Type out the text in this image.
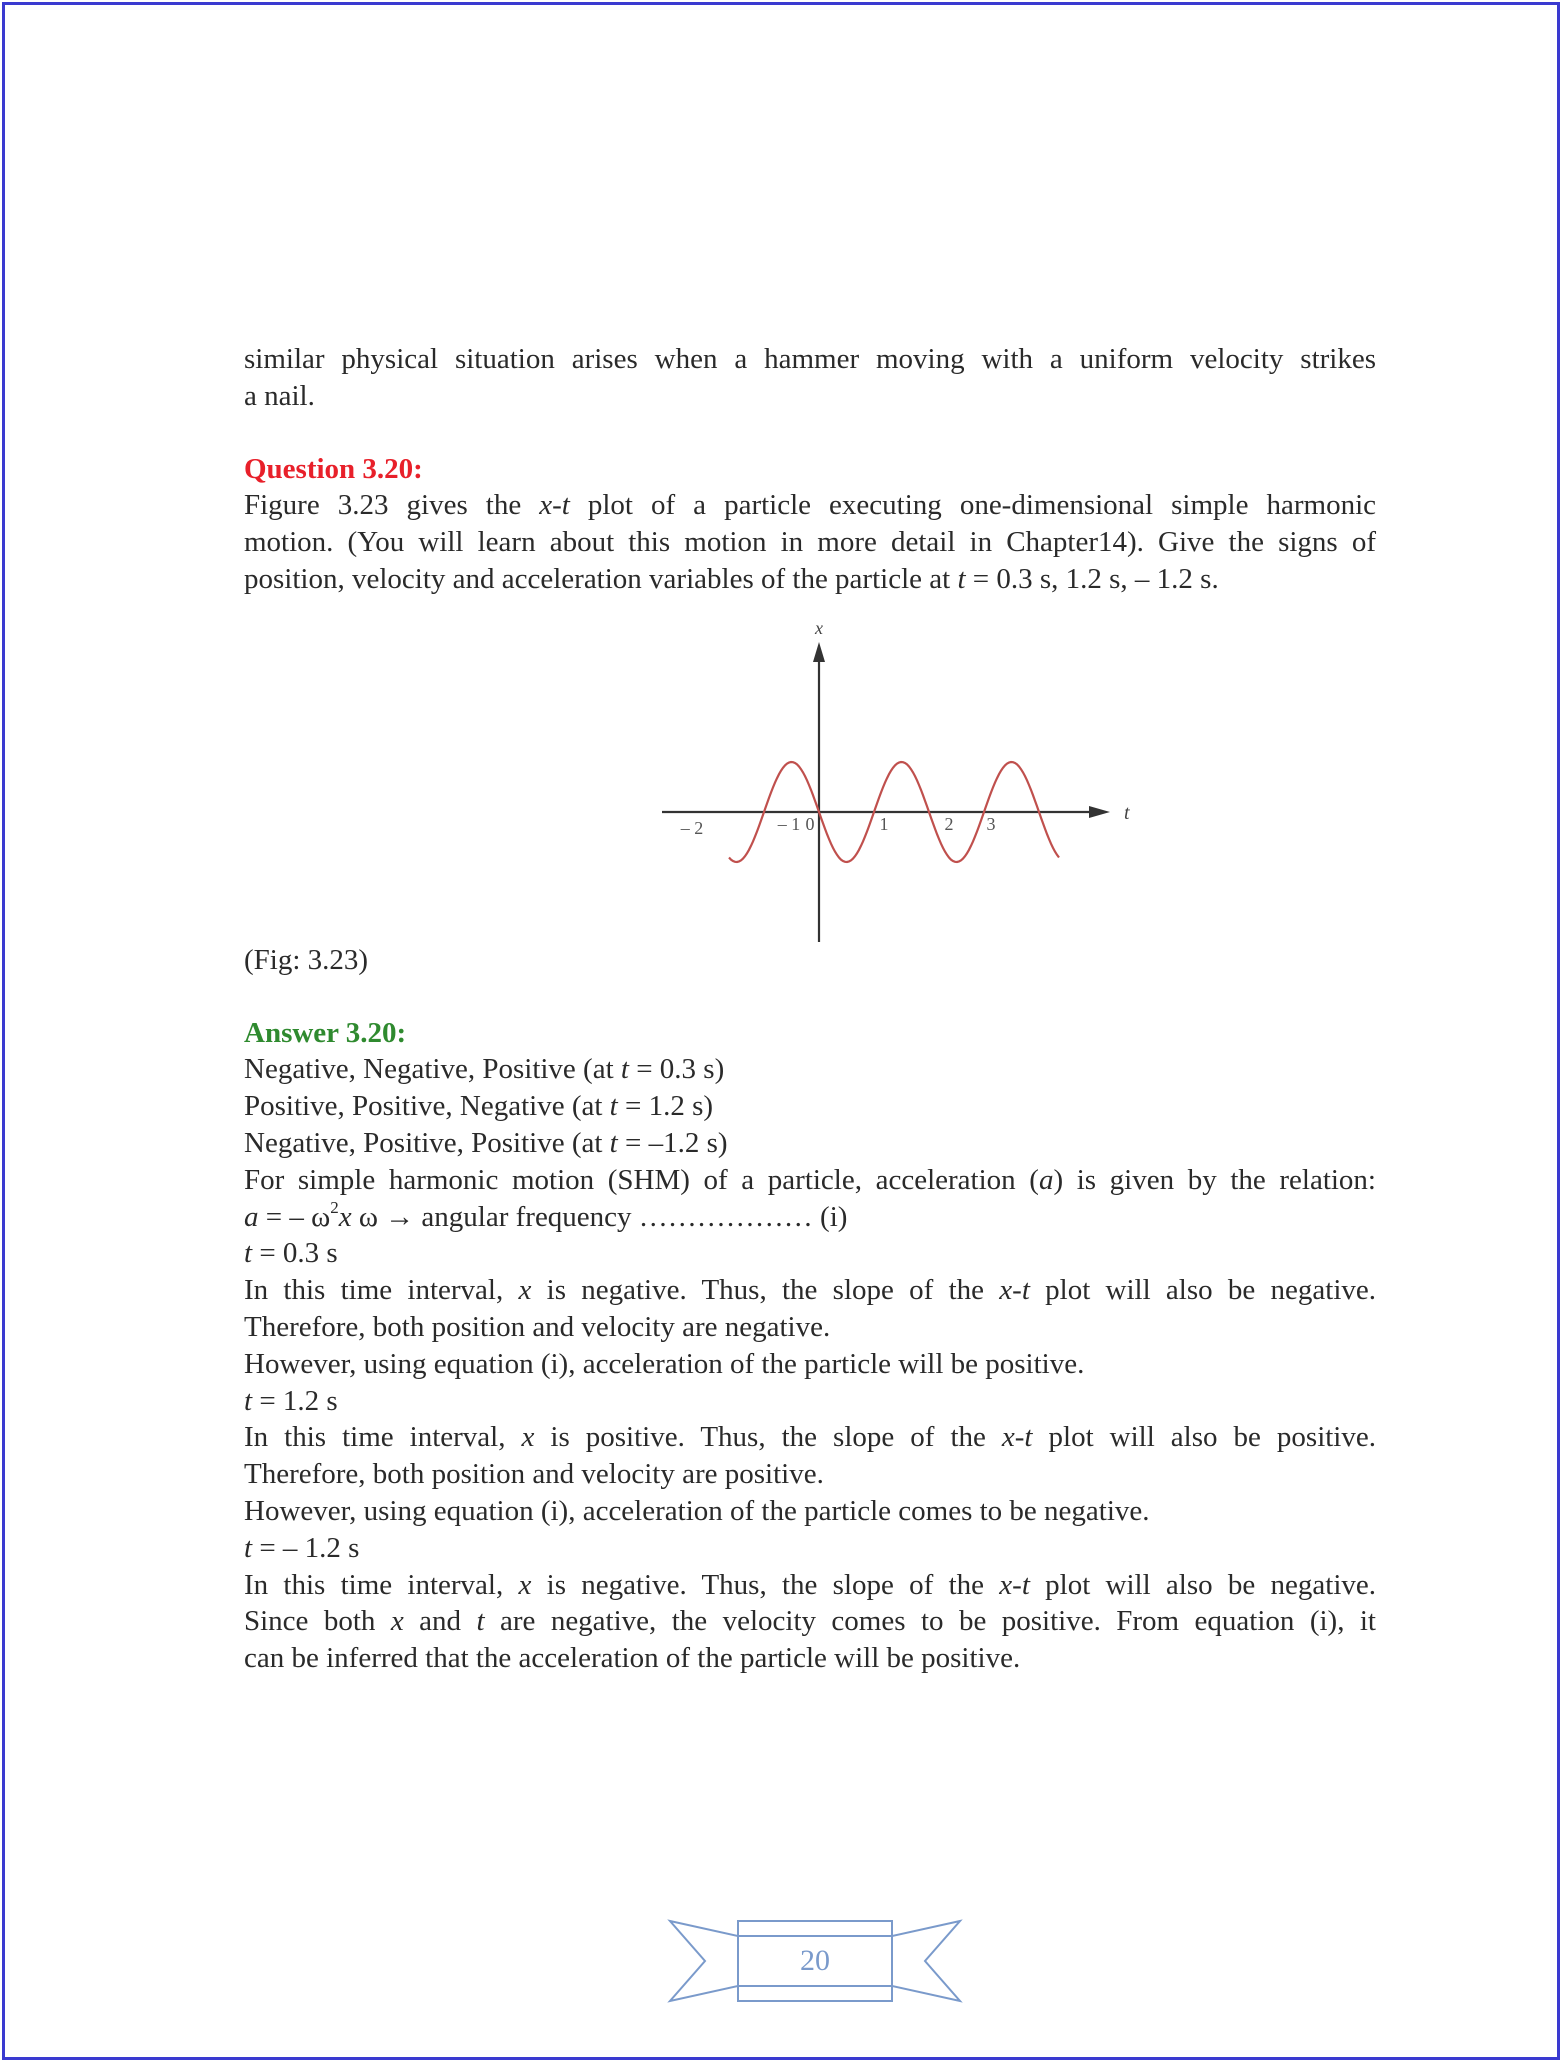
similar physical situation arises when a hammer moving with a uniform velocity strikes

a nail.

Question 3.20:

Figure 3.23 gives the x-t plot of a particle executing one-dimensional simple harmonic

motion. (You will learn about this motion in more detail in Chapter14). Give the signs of

position, velocity and acceleration variables of the particle at t = 0.3 s, 1.2 s, – 1.2 s.

x
t
– 2	– 1 0	1	2 3

(Fig: 3.23)

Answer 3.20:

Negative, Negative, Positive (at t = 0.3 s)

Positive, Positive, Negative (at t = 1.2 s)

Negative, Positive, Positive (at t = –1.2 s)

For simple harmonic motion (SHM) of a particle, acceleration (a) is given by the relation:

a = – $\omega^2x$ ω → angular frequency ……………… (i)

t = 0.3 s

In this time interval, x is negative. Thus, the slope of the x-t plot will also be negative.

Therefore, both position and velocity are negative.

However, using equation (i), acceleration of the particle will be positive.

t = 1.2 s

In this time interval, x is positive. Thus, the slope of the x-t plot will also be positive.

Therefore, both position and velocity are positive.

However, using equation (i), acceleration of the particle comes to be negative.

t = – 1.2 s

In this time interval, x is negative. Thus, the slope of the x-t plot will also be negative.

Since both x and t are negative, the velocity comes to be positive. From equation (i), it

can be inferred that the acceleration of the particle will be positive.

20
